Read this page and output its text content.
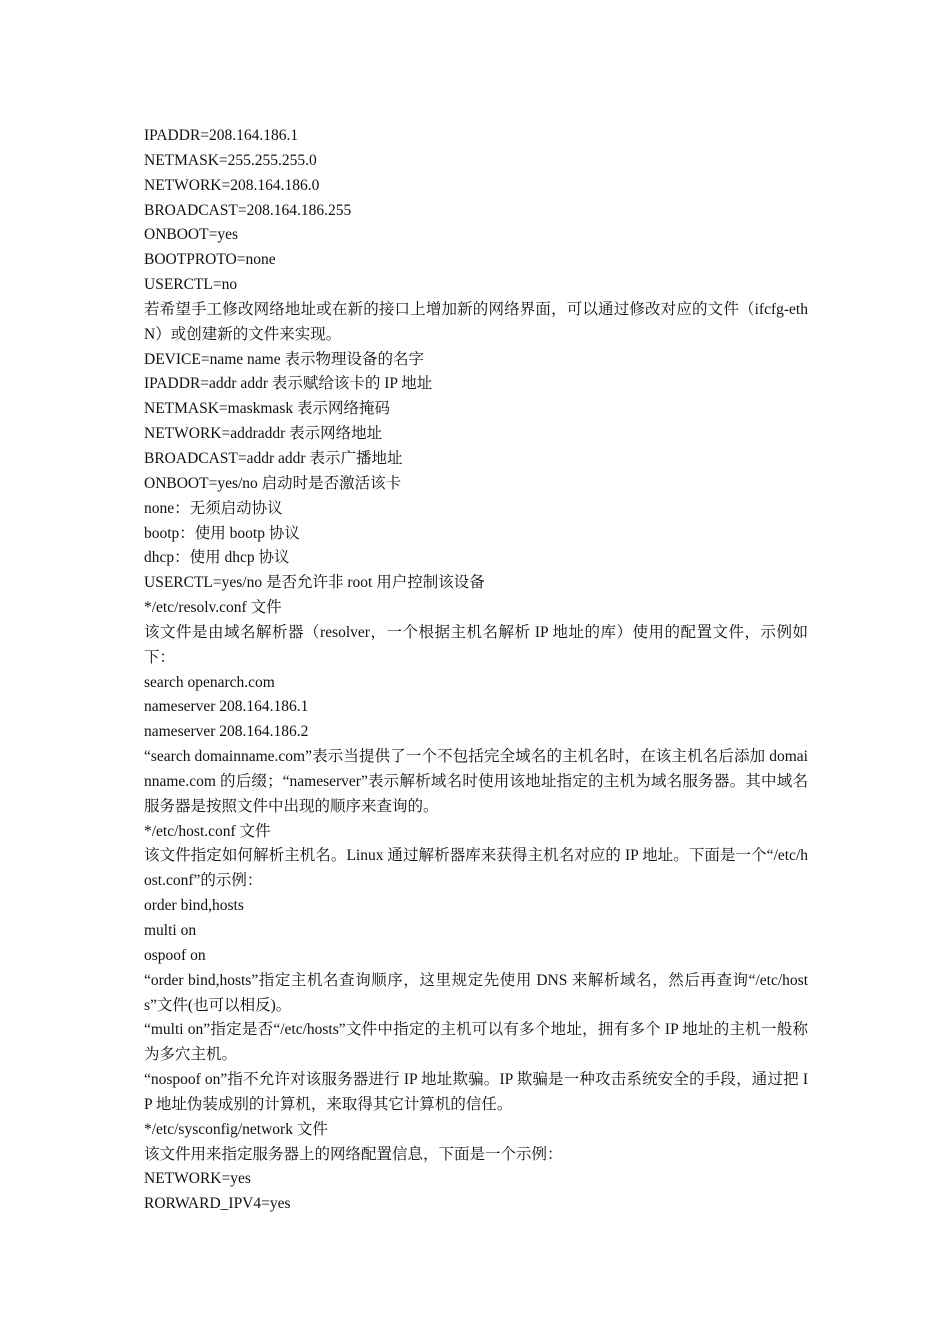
IPADDR=208.164.186.1
NETMASK=255.255.255.0
NETWORK=208.164.186.0
BROADCAST=208.164.186.255
ONBOOT=yes
BOOTPROTO=none
USERCTL=no
若希望手工修改网络地址或在新的接口上增加新的网络界面，可以通过修改对应的文件（ifcfg-ethN）或创建新的文件来实现。
DEVICE=name name 表示物理设备的名字
IPADDR=addr addr 表示赋给该卡的 IP 地址
NETMASK=maskmask 表示网络掩码
NETWORK=addraddr 表示网络地址
BROADCAST=addr addr 表示广播地址
ONBOOT=yes/no 启动时是否激活该卡
none：无须启动协议
bootp：使用 bootp 协议
dhcp：使用 dhcp 协议
USERCTL=yes/no 是否允许非 root 用户控制该设备
*/etc/resolv.conf 文件
该文件是由域名解析器（resolver，一个根据主机名解析 IP 地址的库）使用的配置文件，示例如下：
search openarch.com
nameserver 208.164.186.1
nameserver 208.164.186.2
“search domainname.com”表示当提供了一个不包括完全域名的主机名时，在该主机名后添加 domainname.com 的后缀；“nameserver”表示解析域名时使用该地址指定的主机为域名服务器。其中域名服务器是按照文件中出现的顺序来查询的。
*/etc/host.conf 文件
该文件指定如何解析主机名。Linux 通过解析器库来获得主机名对应的 IP 地址。下面是一个“/etc/host.conf”的示例：
order bind,hosts
multi on
ospoof on
“order bind,hosts”指定主机名查询顺序，这里规定先使用 DNS 来解析域名，然后再查询“/etc/hosts”文件(也可以相反)。
“multi on”指定是否“/etc/hosts”文件中指定的主机可以有多个地址，拥有多个 IP 地址的主机一般称为多穴主机。
“nospoof on”指不允许对该服务器进行 IP 地址欺骗。IP 欺骗是一种攻击系统安全的手段，通过把 IP 地址伪装成别的计算机，来取得其它计算机的信任。
*/etc/sysconfig/network 文件
该文件用来指定服务器上的网络配置信息，下面是一个示例：
NETWORK=yes
RORWARD_IPV4=yes
